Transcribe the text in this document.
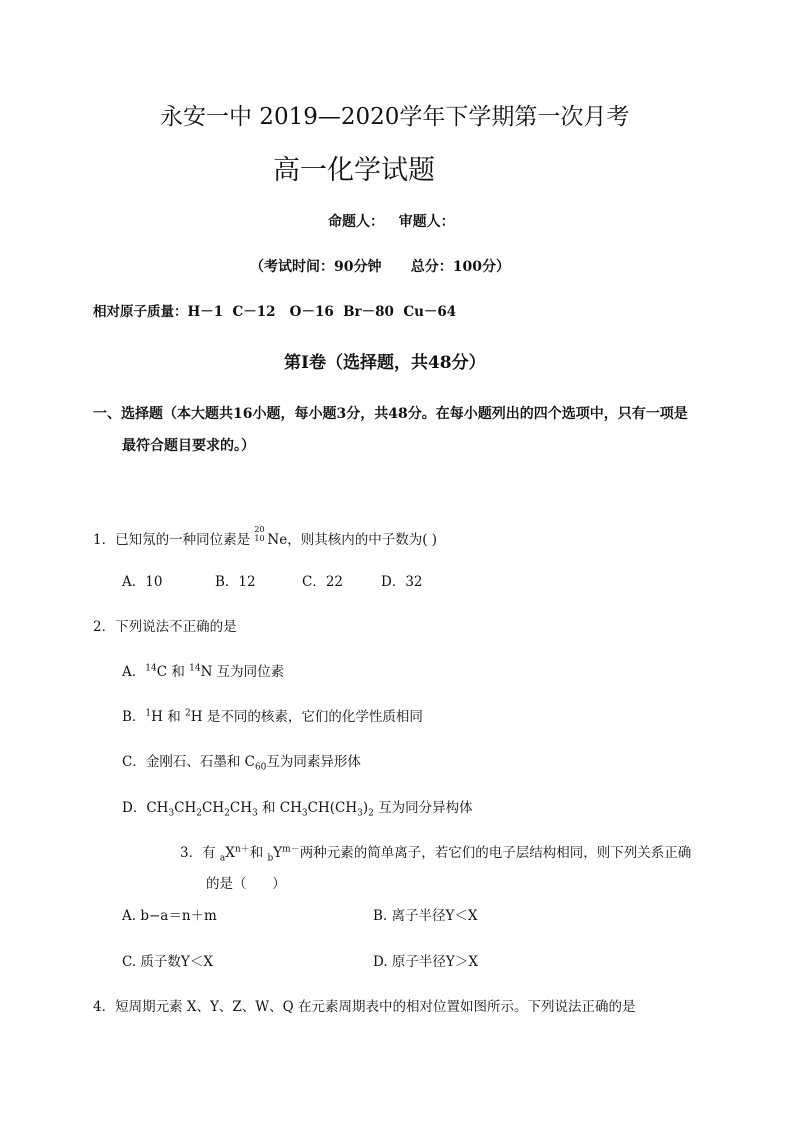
永安一中 2019—2020学年下学期第一次月考
高一化学试题
命题人：   审题人：
（考试时间：90分钟      总分：100分）
相对原子质量：H－1  C－12   O－16  Br－80  Cu－64
第Ⅰ卷（选择题，共48分）
一、选择题（本大题共16小题，每小题3分，共48分。在每小题列出的四个选项中，只有一项是
最符合题目要求的。）
1．已知氖的一种同位素是
20
10 Ne，则其核内的中子数为( )
A．10	B．12	C．22	D．32
2．下列说法不正确的是
A．$^{14}$C 和 $^{14}$N 互为同位素
B．$^1$H 和 $^2$H 是不同的核素，它们的化学性质相同
C．金刚石、石墨和 $C_{60}$互为同素异形体
D．$CH_3CH_2CH_2CH_3$ 和 $CH_3CH(CH_3)_2$ 互为同分异构体
3．有 $_aX^{n+}$和 $_bY^{m-}$两种元素的简单离子，若它们的电子层结构相同，则下列关系正确
的是（      ）
A. b−a＝n＋m	B. 离子半径Y＜X
C. 质子数Y＜X	D. 原子半径Y＞X
4．短周期元素 X、Y、Z、W、Q 在元素周期表中的相对位置如图所示。下列说法正确的是
